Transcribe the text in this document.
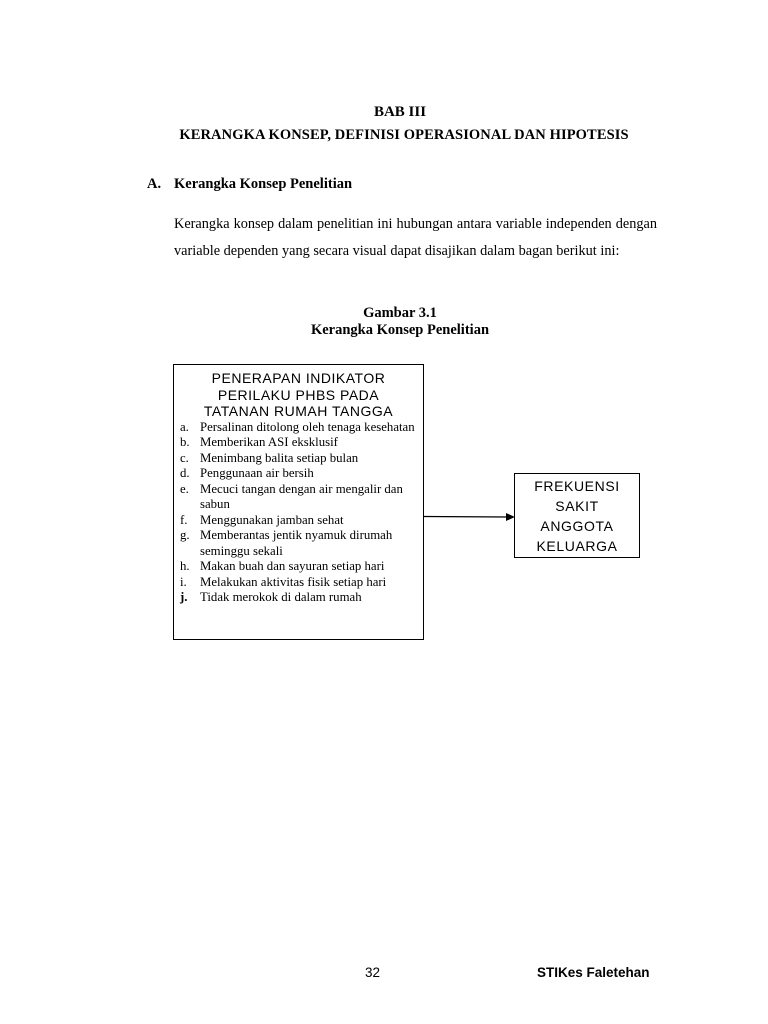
BAB III
KERANGKA KONSEP, DEFINISI OPERASIONAL DAN HIPOTESIS
A. Kerangka Konsep Penelitian
Kerangka konsep dalam penelitian ini hubungan antara variable independen dengan variable dependen yang secara visual dapat disajikan dalam bagan berikut ini:
Gambar 3.1
Kerangka Konsep Penelitian
PENERAPAN INDIKATOR
PERILAKU PHBS PADA
TATANAN RUMAH TANGGA
a. Persalinan ditolong oleh tenaga kesehatan
b. Memberikan ASI eksklusif
c. Menimbang balita setiap bulan
d. Penggunaan air bersih
e. Mecuci tangan dengan air mengalir dan sabun
f. Menggunakan jamban sehat
g. Memberantas jentik nyamuk dirumah seminggu sekali
h. Makan buah dan sayuran setiap hari
i.	Melakukan aktivitas fisik setiap hari
j. Tidak merokok di dalam rumah
FREKUENSI
SAKIT
ANGGOTA
KELUARGA
32	STIKes Faletehan
